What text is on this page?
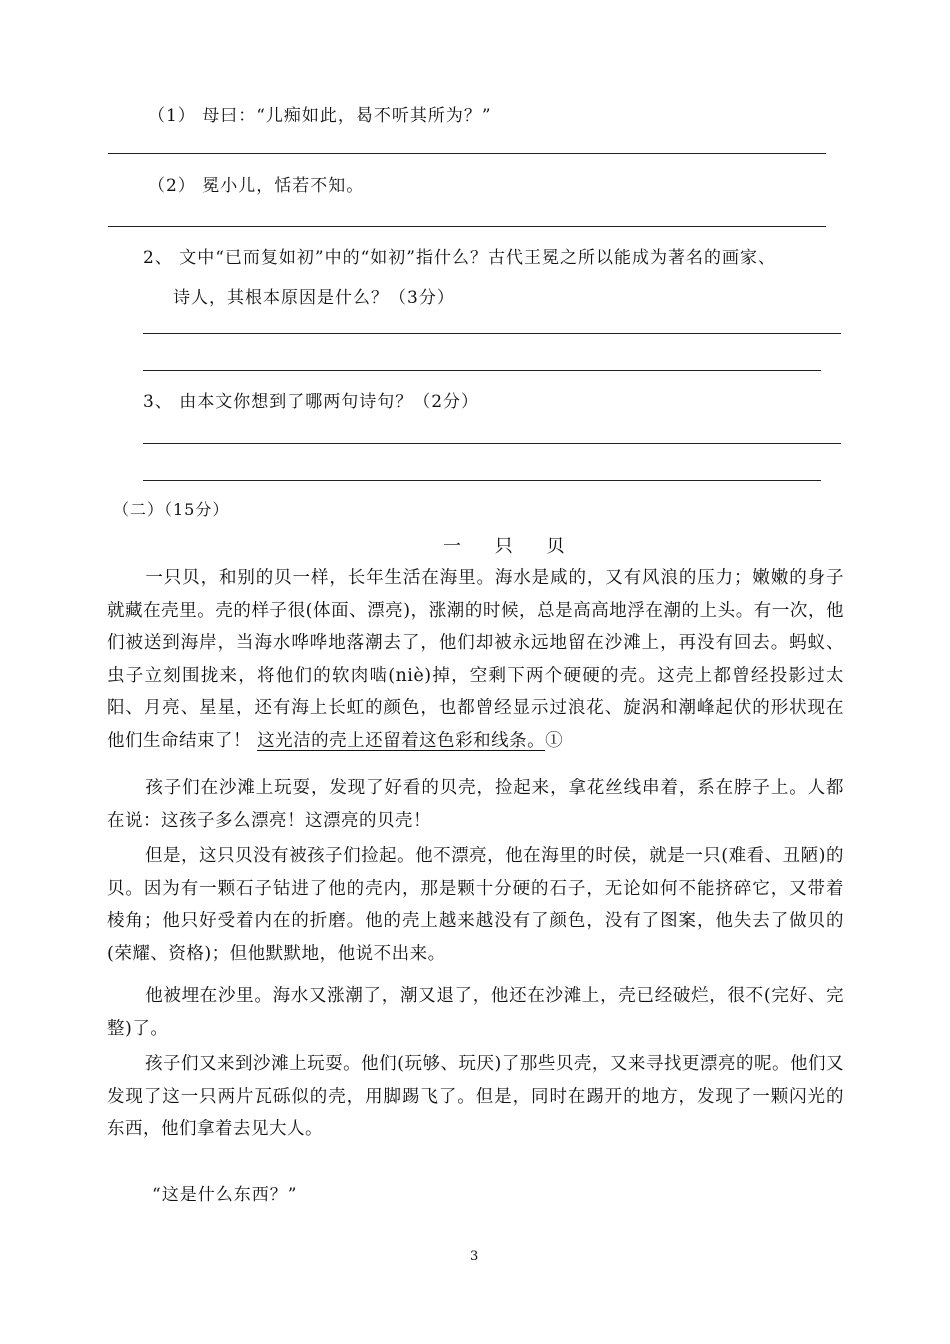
（1） 母曰：“儿痴如此，曷不听其所为？”
（2） 冕小儿，恬若不知。
2、 文中“已而复如初”中的“如初”指什么？古代王冕之所以能成为著名的画家、
诗人，其根本原因是什么？（3分）
3、 由本文你想到了哪两句诗句？（2分）
（二）（15分）
一 只 贝
一只贝，和别的贝一样，长年生活在海里。海水是咸的，又有风浪的压力；嫩嫩的身子就藏在壳里。壳的样子很(体面、漂亮)，涨潮的时候，总是高高地浮在潮的上头。有一次，他们被送到海岸，当海水哗哗地落潮去了，他们却被永远地留在沙滩上，再没有回去。蚂蚁、虫子立刻围拢来，将他们的软肉啮(niè)掉，空剩下两个硬硬的壳。这壳上都曾经投影过太阳、月亮、星星，还有海上长虹的颜色，也都曾经显示过浪花、旋涡和潮峰起伏的形状现在他们生命结束了！ 这光洁的壳上还留着这色彩和线条。①
孩子们在沙滩上玩耍，发现了好看的贝壳，捡起来，拿花丝线串着，系在脖子上。人都在说：这孩子多么漂亮！这漂亮的贝壳！
但是，这只贝没有被孩子们捡起。他不漂亮，他在海里的时侯，就是一只(难看、丑陋)的贝。因为有一颗石子钻进了他的壳内，那是颗十分硬的石子，无论如何不能挤碎它，又带着棱角；他只好受着内在的折磨。他的壳上越来越没有了颜色，没有了图案，他失去了做贝的(荣耀、资格)；但他默默地，他说不出来。
他被埋在沙里。海水又涨潮了，潮又退了，他还在沙滩上，壳已经破烂，很不(完好、完整)了。
孩子们又来到沙滩上玩耍。他们(玩够、玩厌)了那些贝壳，又来寻找更漂亮的呢。他们又发现了这一只两片瓦砾似的壳，用脚踢飞了。但是，同时在踢开的地方，发现了一颗闪光的东西，他们拿着去见大人。
“这是什么东西？”
3
